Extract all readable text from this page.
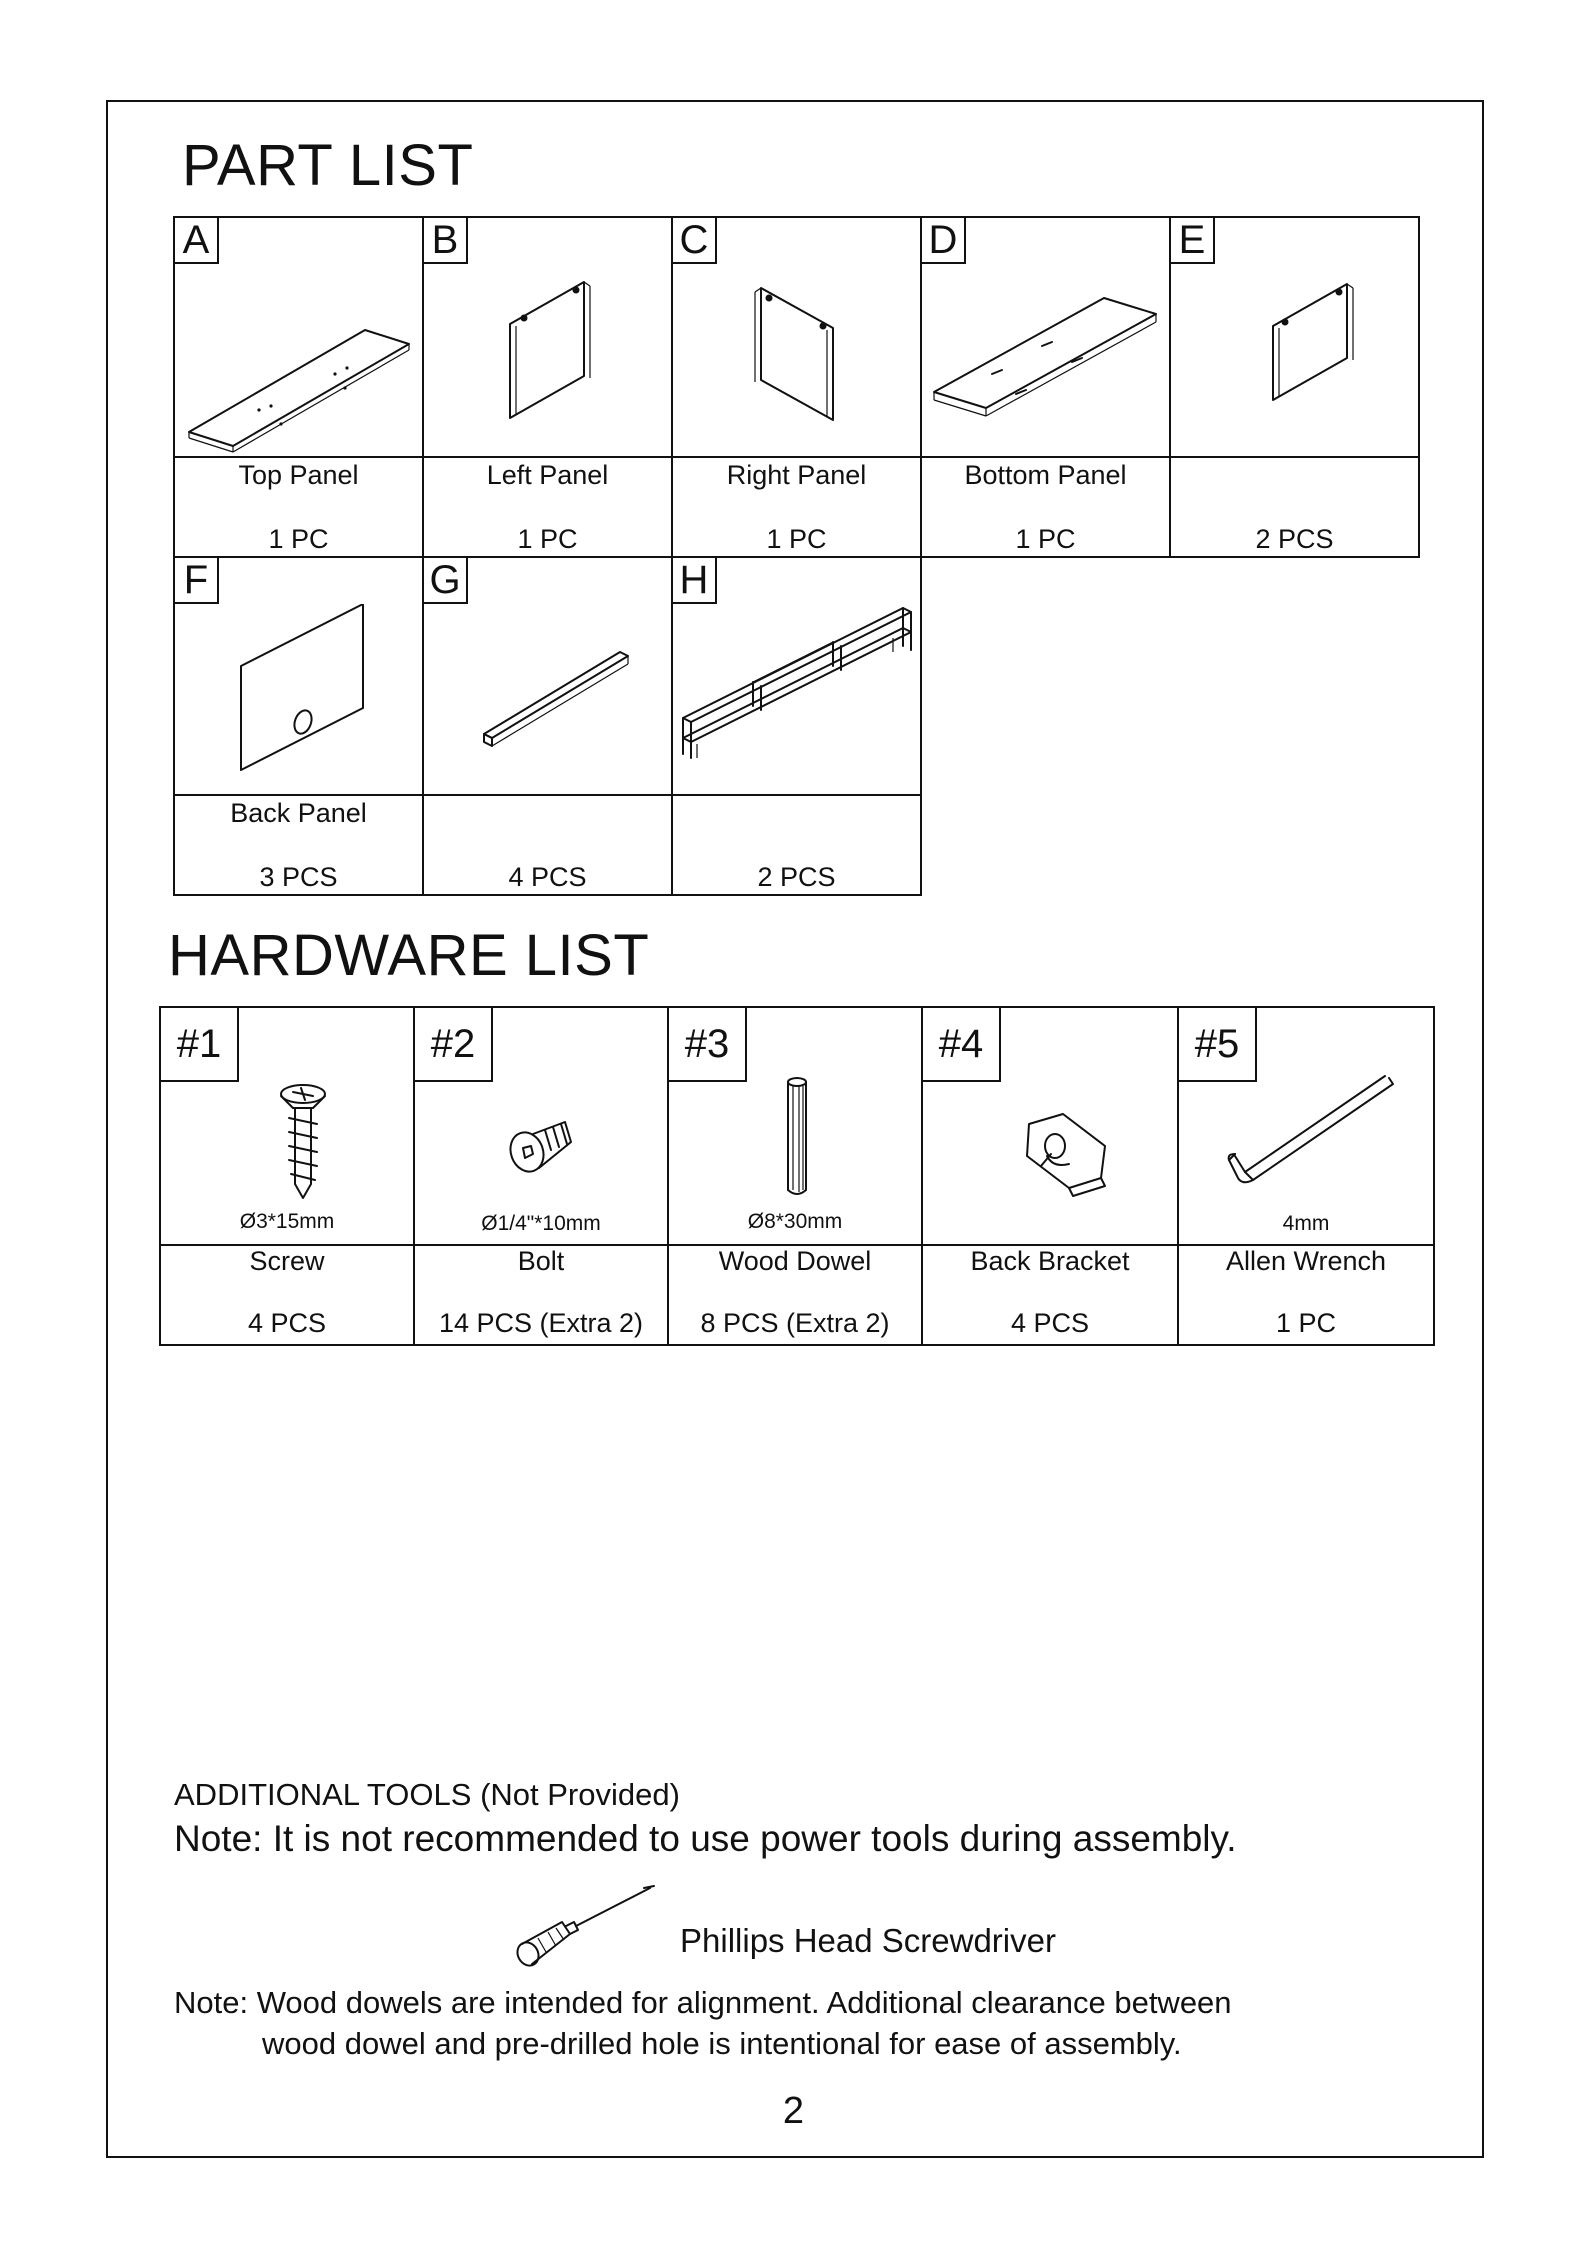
PART LIST
A
Top Panel
1 PC
B
Left Panel
1 PC
C
Right Panel
1 PC
D
Bottom Panel
1 PC
E
2 PCS
F
Back Panel
3 PCS
G
4 PCS
H
2 PCS
HARDWARE LIST
#1
Ø3*15mm
Screw
4 PCS
#2
Ø1/4"*10mm
Bolt
14 PCS (Extra 2)
#3
Ø8*30mm
Wood Dowel
8 PCS (Extra 2)
#4
Back Bracket
4 PCS
#5
4mm
Allen Wrench
1 PC
ADDITIONAL TOOLS (Not Provided)
Note: It is not recommended to use power tools during assembly.
Phillips Head Screwdriver
Note: Wood dowels are intended for alignment. Additional clearance between
wood dowel and pre-drilled hole is intentional for ease of assembly.
2
